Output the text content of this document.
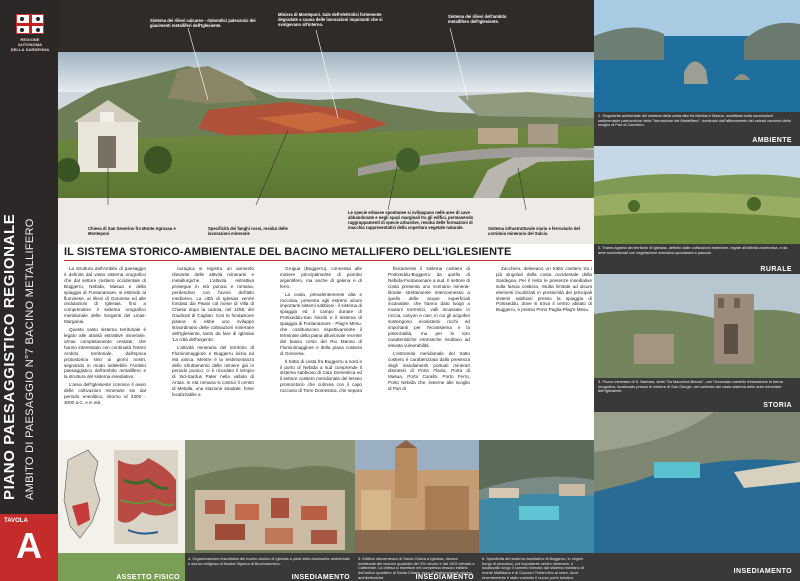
REGIONE AUTONOMA
DELLA SARDEGNA
PIANO PAESAGGISTICO REGIONALE AMBITO DI PAESAGGIO N°7 BACINO METALLIFERO
TAVOLA
A
Sistema dei rilievi calcareo - dolomitici paleozoici dei giacimenti metalliferi dell'Iglesiente.
Miniera di Monteponi. Sale dell'elettrolisi fortemente degradate a causa delle lavorazioni inquinanti che si svolgevano all'interno.
Sistema dei rilievi dell'ambito metallifero dell'Iglesiente.
Chiesa di San Severino fra Monte Agruxau e Monteponi
Specificità dei fanghi rossi, residui delle lavorazioni minerarie
Le specie erbacee spontanee si sviluppano nelle aree di cave abbandonate e negli spazi marginali tra gli edifici, permanendo raggruppamenti di specie arbustive, residui delle formazioni di macchia rappresentativi della copertura vegetale naturale.	Sistema infrastrutturale viario e ferroviario del corridoio minerario del Sulcis.
IL SISTEMA STORICO-AMBIENTALE DEL BACINO METALLIFERO DELL'IGLESIENTE

La struttura dell'Ambito di paesaggio è definita dal vasto sistema orografico che dal settore costiero occidentale di Buggerru, Nebida, Masua e della spiaggia di Funtanamare, si estende al fluminese, ai rilievi di Gonnesa ed alle ondulazioni di Iglesias, fino a comprendere il sistema orografico meridionale delle Sorgenti del Linas-Marganai.

Questo vasto sistema territoriale è legato alle attività estrattive minerarie, ormai completamente cessate, che hanno interessato con continuità l'intero Ambito territoriale, dall'epoca protostorica sino ai giorni nostri, segnando in modo indelebile l'Ambito paesaggistico dell'ambito metallifero e la struttura del sistema insediativo.

L'area dell'Iglesiente conosce il avvio delle coltivazioni minerarie sin dal periodo eneolitico, intorno al 3300 - 3000 a.C. e in età

nuragica si registra un aumento rilevante delle attività minerarie e metallurgiche. L'attività estrattiva prosegue in età punica e romana, perdendosi con l'avvio dell'alto medioevo. La città di Iglesias venne fondata dai Pisani col nome di Villa di Chiesa dopo la caduta, nel 1258, dei Giudicati di Cagliari. Con la fondazione pisana si ebbe uno sviluppo straordinario delle coltivazioni minerarie dell'Iglesiente, tanto da fare di Iglesias 'La città dell'argento'.

L'attività mineraria del territorio di Fluminimaggiore e Buggerru inizia ed età antica. Mentre è la testimonianza dello sfruttamento delle miniere già in periodo punico, ci è ricordato il tempio di Sid-Sardus Pater nella vallata di Antas. In età romana si costruì il centro di Metalla, una stazione stradale, forse localizzabile a

Grugua (Buggerru), connessa alle miniere principalmente di piombo argentifero, ma anche di galena e di ferro.

La costa, prevalentemente alta e rocciosa, presenta agli estremi alcuni importanti sistemi sabbiosi - il sistema di spiaggia ed il campo dunare di Portixeddu-San Nicolò e il sistema di spiaggia di Funtanamare - Plag'e Mesu, che costituiscono rispettivamente il terminale della piana alluvionale recente del basso corso del Riu Mannu di Fluminimaggiore e della piana costiera di Gonnesa.

Il tratto di costa fra Buggerru a nord e il porto di Nebida a sud comprende il sistema sabbioso di Cala Domestica ed il settore costiero meridionale del lesseo promontorio che culmina con il capo roccioso di Torre Domestica, che separa

fisicamente il sistema costiero di Portixeddu-Buggerru da quello di Nebida-Funtanamare a sud. Il settore di costa presenta uno scenario mineral-litorale strettamente interconnesso a quello delle acque superficiali incanalate, che hanno dato luogo a musoni torrentizi, valli incassate in roccia, canyon e cavi, in cui gli acquiferi sostengono ecosistemi ricchi ed importanti per l'ecosistema e la potenzialità, ma per le loro caratteristiche intrinseche risultano ad elevata vulnerabilità.

L'estremità meridionale del tratto costiero è caratterizzata dalla presenza degli insediamenti portuali minerari dismessi di Porto Flavia, Porto di Masua, Porto Corallo, Porto Ferro, Porto Nebida che, insieme allo scoglio di Pan di

Zucchero, delineano un tratto costiero tra i più singolari della costa occidentale della Sardegna. Per il resto le presenze insediative sulla fascia costiera, risulta limitate ad alcuni elementi localizzati in prossimità dei principali sistemi sabbiosi presso la spiaggia di Portixeddu, dove si trova il centro abitato di Buggerru, e presso Porto Paglia-Plag'e Mesu.

ASSETTO FISICO
4. Organizzazione insediativa del nucleo storico di Iglesias a piedi della dominante ambientale e storico-religiosa di Nostra Signora di Buoncammino.
INSEDIAMENTO
5. Edificio ottocentesco di Santa Chiara a Iglesias, dimora medievale dei vescovi quadrato del XIV secolo e dal 1503 elevata a Cattedrale. La chiesa si inserisce nel complesso tessuto edilizio dell'antico quartiere di Santa Chiara, ricco di testimonianze storico-architettoniche.	INSEDIAMENTO
6. Specificità del sistema insediativo di Buggerru, in origine borgo di pescatori, poi importante centro minerario, è localizzato lungo il canneto formato dal sistema montano di monte Malfidano e di Cuccuru Trebini fino al mare, dove recentemente è stato costruito il nuovo porto turistico.
1. Singolarità ambientale del sistema della costa alta fra Nebida e Masua, modellata sulla successioni sedimentarie paleozoiche della "formazione del Metallifero", dominato dall'affioramento dei calcari cambrici dello scoglio di Pan di Zucchero.
AMBIENTE
2. Trama agraria del territorio di Iglesias, definito dalle coltivazioni estensive, legate all'attività zootecnica, e da aree seminaturali con vegetazione arbustiva spontanea a pascolo.
RURALE
3. Pozzo minerario di S. Barbara, della "Sa Macchina Beccia", con l'incrociato castello d'estrazione in forma neogotica, localizzato presso le miniere di San Giorgio, nel contesto del vasto sistema delle aree minerarie dell'Iglesiente.
STORIA
INSEDIAMENTO
